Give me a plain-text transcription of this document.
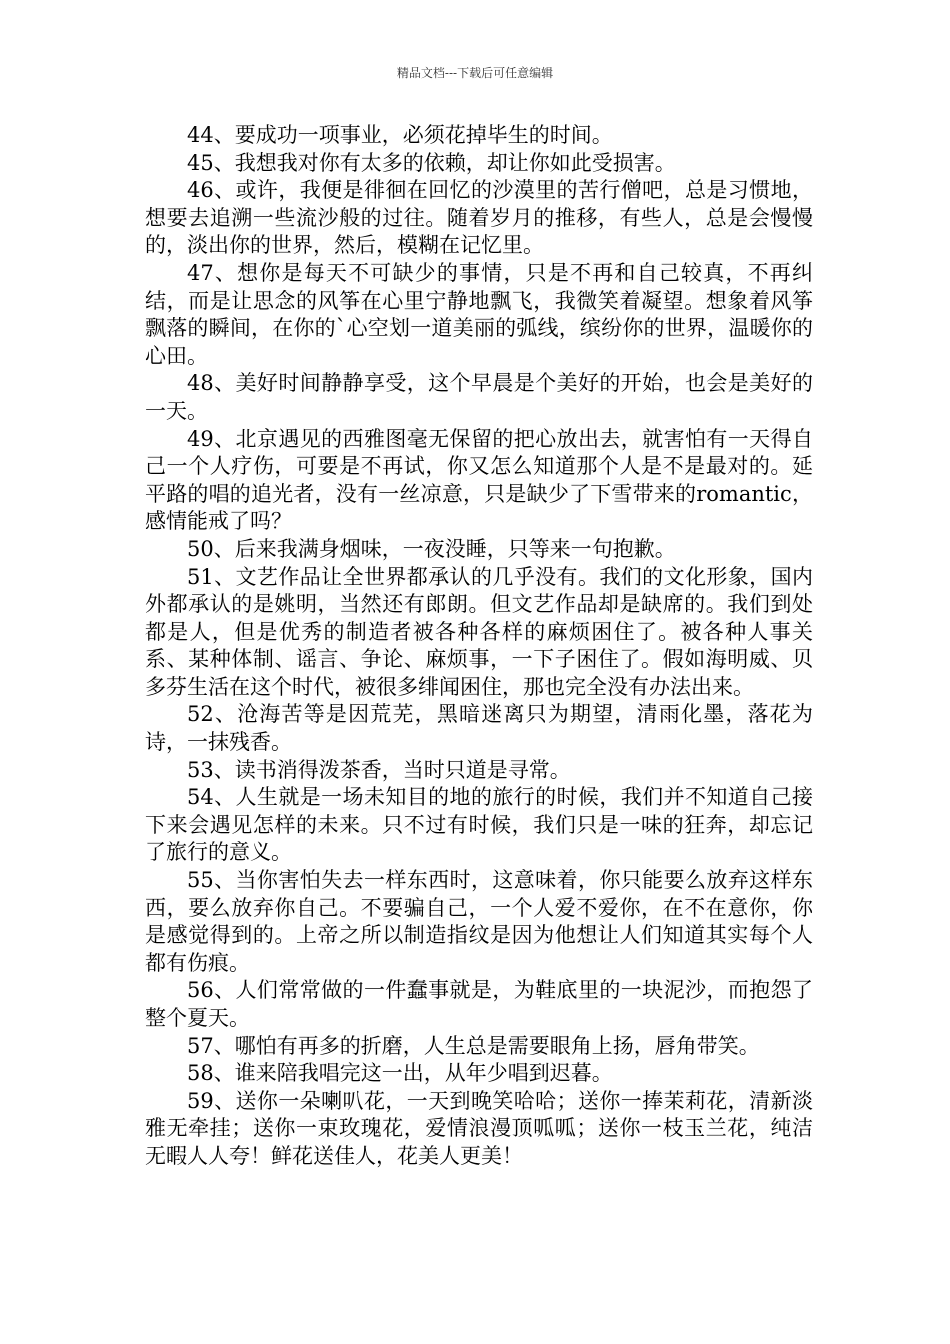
精品文档---下载后可任意编辑

44、要成功一项事业，必须花掉毕生的时间。

45、我想我对你有太多的依赖，却让你如此受损害。

46、或许，我便是徘徊在回忆的沙漠里的苦行僧吧，总是习惯地，想要去追溯一些流沙般的过往。随着岁月的推移，有些人，总是会慢慢的，淡出你的世界，然后，模糊在记忆里。

47、想你是每天不可缺少的事情，只是不再和自己较真，不再纠结，而是让思念的风筝在心里宁静地飘飞，我微笑着凝望。想象着风筝飘落的瞬间，在你的`心空划一道美丽的弧线，缤纷你的世界，温暖你的心田。

48、美好时间静静享受，这个早晨是个美好的开始，也会是美好的一天。

49、北京遇见的西雅图毫无保留的把心放出去，就害怕有一天得自己一个人疗伤，可要是不再试，你又怎么知道那个人是不是最对的。延平路的唱的追光者，没有一丝凉意，只是缺少了下雪带来的romantic，感情能戒了吗？

50、后来我满身烟味，一夜没睡，只等来一句抱歉。

51、文艺作品让全世界都承认的几乎没有。我们的文化形象，国内外都承认的是姚明，当然还有郎朗。但文艺作品却是缺席的。我们到处都是人，但是优秀的制造者被各种各样的麻烦困住了。被各种人事关系、某种体制、谣言、争论、麻烦事，一下子困住了。假如海明威、贝多芬生活在这个时代，被很多绯闻困住，那也完全没有办法出来。

52、沧海苦等是因荒芜，黑暗迷离只为期望，清雨化墨，落花为诗，一抹残香。

53、读书消得泼茶香，当时只道是寻常。

54、人生就是一场未知目的地的旅行的时候，我们并不知道自己接下来会遇见怎样的未来。只不过有时候，我们只是一味的狂奔，却忘记了旅行的意义。

55、当你害怕失去一样东西时，这意味着，你只能要么放弃这样东西，要么放弃你自己。不要骗自己，一个人爱不爱你，在不在意你，你是感觉得到的。上帝之所以制造指纹是因为他想让人们知道其实每个人都有伤痕。

56、人们常常做的一件蠢事就是，为鞋底里的一块泥沙，而抱怨了整个夏天。

57、哪怕有再多的折磨，人生总是需要眼角上扬，唇角带笑。

58、谁来陪我唱完这一出，从年少唱到迟暮。

59、送你一朵喇叭花，一天到晚笑哈哈；送你一捧茉莉花，清新淡雅无牵挂；送你一束玫瑰花，爱情浪漫顶呱呱；送你一枝玉兰花，纯洁无暇人人夸！鲜花送佳人，花美人更美！
